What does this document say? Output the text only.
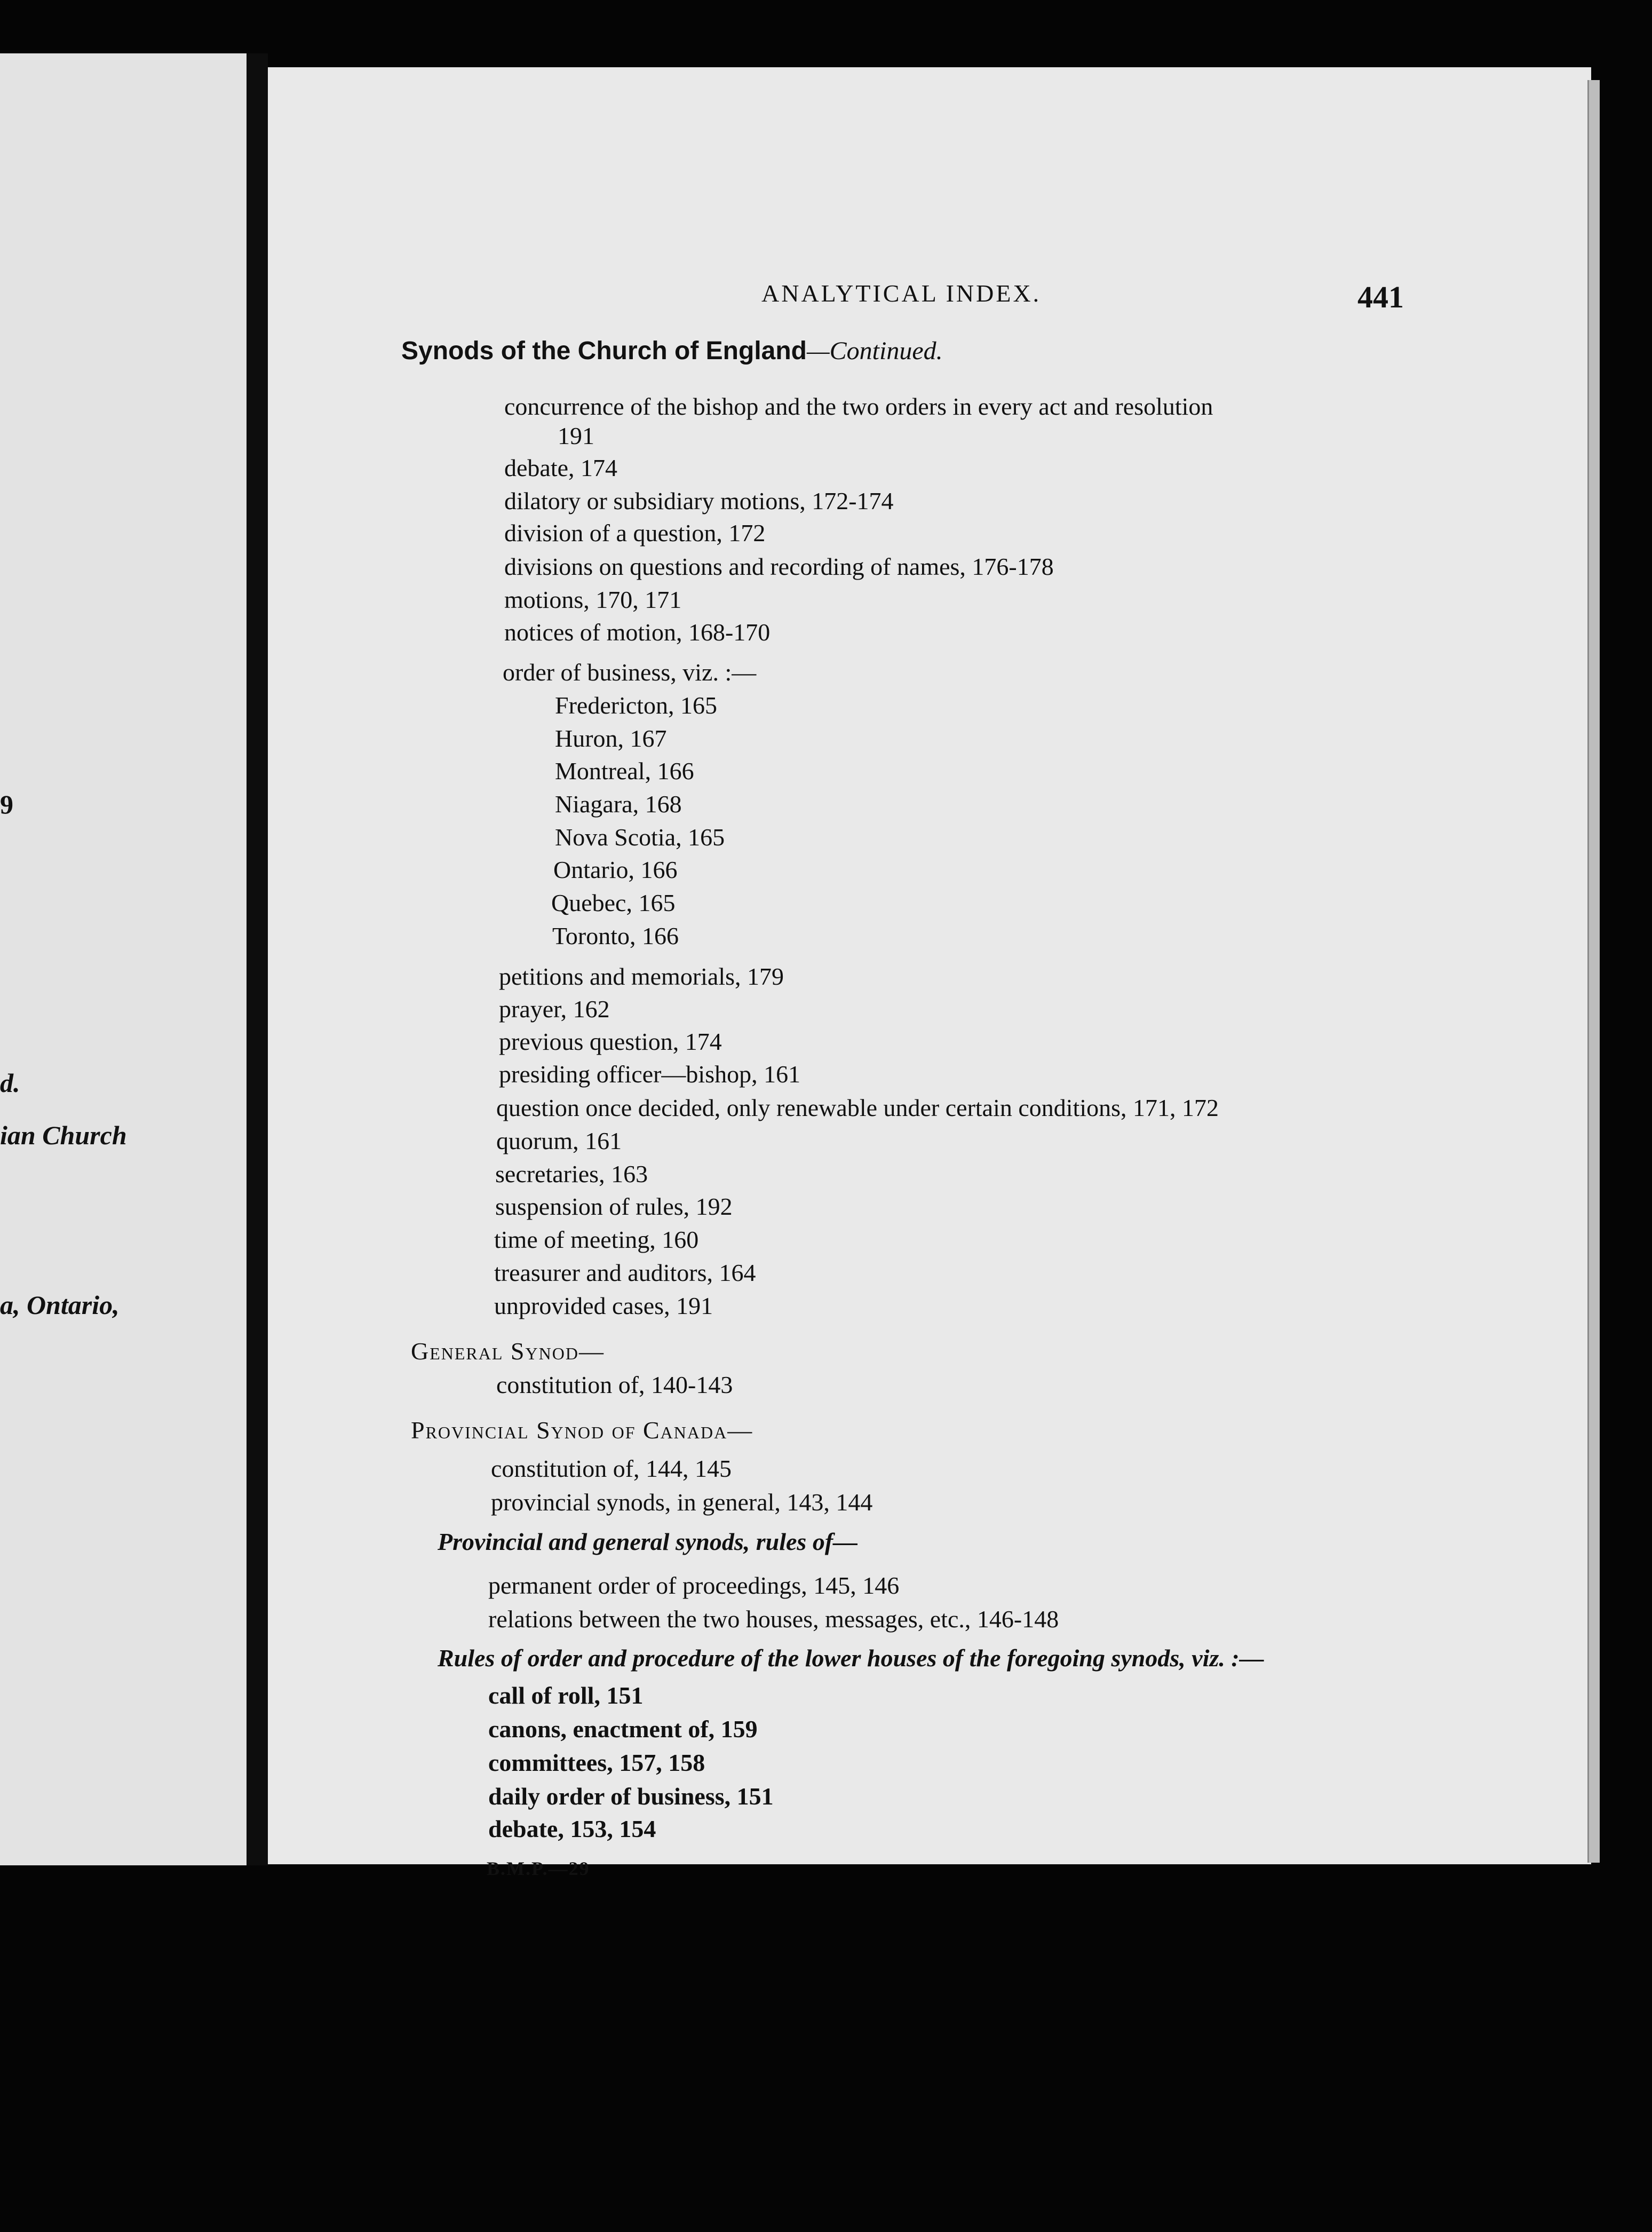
9
d.
ian Church
a, Ontario,
ANALYTICAL INDEX.	441
Synods of the Church of England—Continued.
concurrence of the bishop and the two orders in every act and resolution
191
debate, 174
dilatory or subsidiary motions, 172-174
division of a question, 172
divisions on questions and recording of names, 176-178
motions, 170, 171
notices of motion, 168-170
order of business, viz. :—
Fredericton, 165
Huron, 167
Montreal, 166
Niagara, 168
Nova Scotia, 165
Ontario, 166
Quebec, 165
Toronto, 166
petitions and memorials, 179
prayer, 162
previous question, 174
presiding officer—bishop, 161
question once decided, only renewable under certain conditions, 171, 172
quorum, 161
secretaries, 163
suspension of rules, 192
time of meeting, 160
treasurer and auditors, 164
unprovided cases, 191
General Synod—
constitution of, 140-143
Provincial Synod of Canada—
constitution of, 144, 145
provincial synods, in general, 143, 144
Provincial and general synods, rules of—
permanent order of proceedings, 145, 146
relations between the two houses, messages, etc., 146-148
Rules of order and procedure of the lower houses of the foregoing synods, viz. :—
call of roll, 151
canons, enactment of, 159
committees, 157, 158
daily order of business, 151
debate, 153, 154
B.M.P.—29
